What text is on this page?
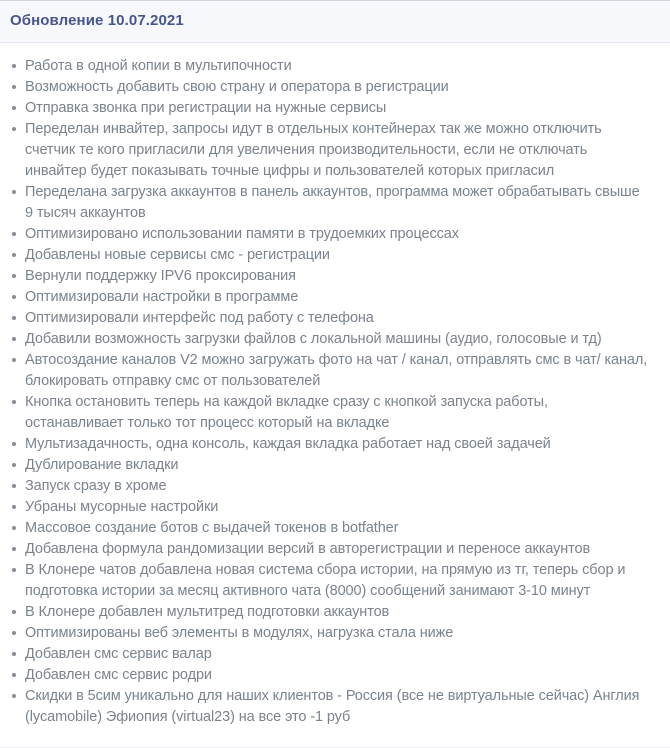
Обновление 10.07.2021
Работа в одной копии в мультипочности
Возможность добавить свою страну и оператора в регистрации
Отправка звонка при регистрации на нужные сервисы
Переделан инвайтер, запросы идут в отдельных контейнерах так же можно отключить счетчик те кого пригласили для увеличения производительности, если не отключать инвайтер будет показывать точные цифры и пользователей которых пригласил
Переделана загрузка аккаунтов в панель аккаунтов, программа может обрабатывать свыше 9 тысяч аккаунтов
Оптимизировано использовании памяти в трудоемких процессах
Добавлены новые сервисы смс - регистрации
Вернули поддержку IPV6 проксирования
Оптимизировали настройки в программе
Оптимизировали интерфейс под работу с телефона
Добавили возможность загрузки файлов с локальной машины (аудио, голосовые и тд)
Автосоздание каналов V2 можно загружать фото на чат / канал, отправлять смс в чат/ канал, блокировать отправку смс от пользователей
Кнопка остановить теперь на каждой вкладке сразу с кнопкой запуска работы, останавливает только тот процесс который на вкладке
Мультизадачность, одна консоль, каждая вкладка работает над своей задачей
Дублирование вкладки
Запуск сразу в хроме
Убраны мусорные настройки
Массовое создание ботов с выдачей токенов в botfather
Добавлена формула рандомизации версий в авторегистрации и переносе аккаунтов
В Клонере чатов добавлена новая система сбора истории, на прямую из тг, теперь сбор и подготовка истории за месяц активного чата (8000) сообщений занимают 3-10 минут
В Клонере добавлен мультитред подготовки аккаунтов
Оптимизированы веб элементы в модулях, нагрузка стала ниже
Добавлен смс сервис валар
Добавлен смс сервис родри
Скидки в 5сим уникально для наших клиентов - Россия (все не виртуальные сейчас) Англия (lycamobile) Эфиопия (virtual23) на все это -1 руб
